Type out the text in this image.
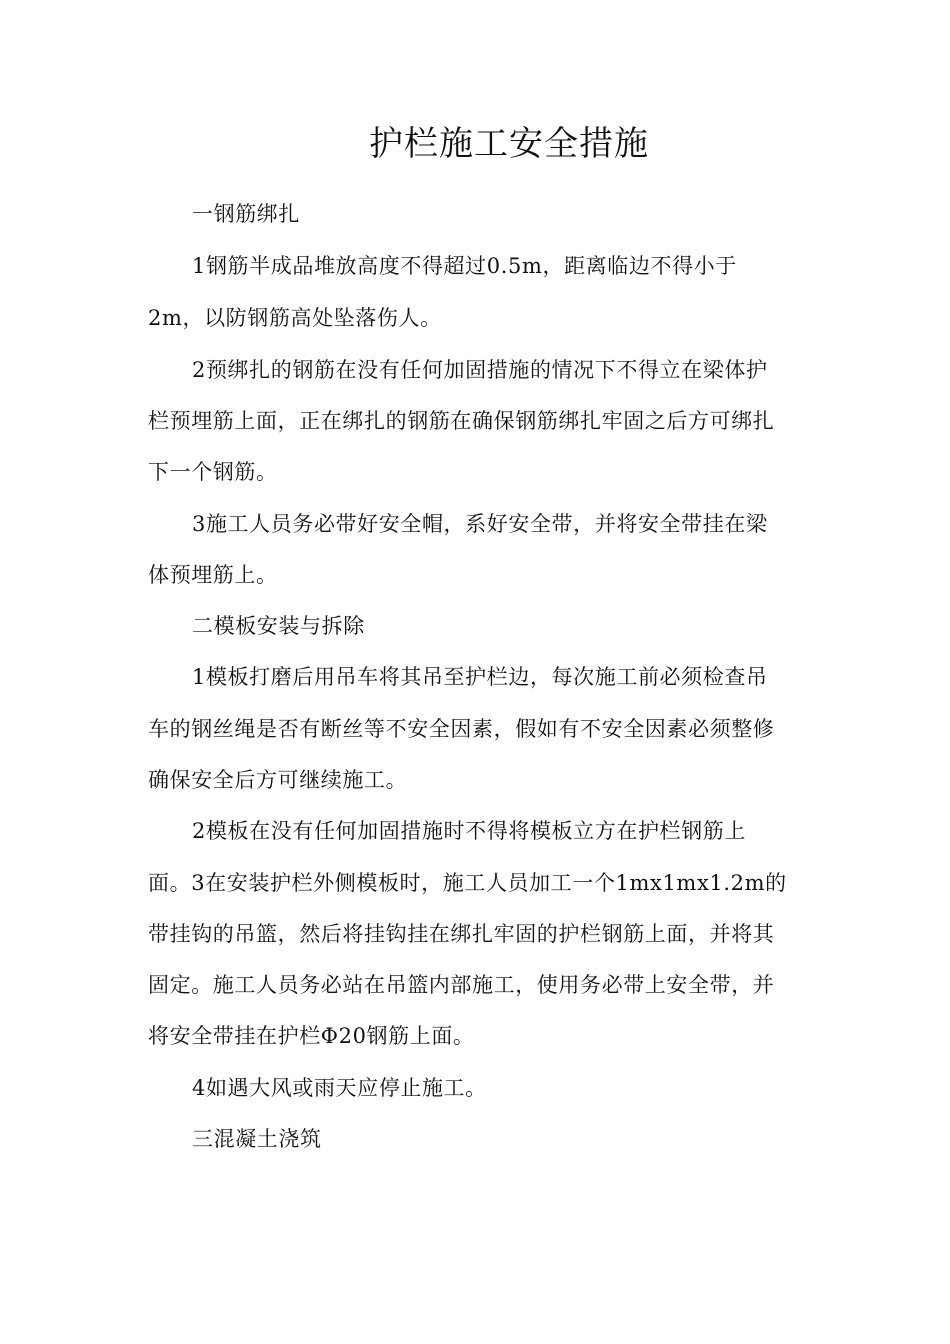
护栏施工安全措施
一钢筋绑扎
1钢筋半成品堆放高度不得超过0.5m，距离临边不得小于
2m，以防钢筋高处坠落伤人。
2预绑扎的钢筋在没有任何加固措施的情况下不得立在梁体护
栏预埋筋上面，正在绑扎的钢筋在确保钢筋绑扎牢固之后方可绑扎
下一个钢筋。
3施工人员务必带好安全帽，系好安全带，并将安全带挂在梁
体预埋筋上。
二模板安装与拆除
1模板打磨后用吊车将其吊至护栏边，每次施工前必须检查吊
车的钢丝绳是否有断丝等不安全因素，假如有不安全因素必须整修
确保安全后方可继续施工。
2模板在没有任何加固措施时不得将模板立方在护栏钢筋上
面。3在安装护栏外侧模板时，施工人员加工一个1mx1mx1.2m的
带挂钩的吊篮，然后将挂钩挂在绑扎牢固的护栏钢筋上面，并将其
固定。施工人员务必站在吊篮内部施工，使用务必带上安全带，并
将安全带挂在护栏Φ20钢筋上面。
4如遇大风或雨天应停止施工。
三混凝土浇筑
